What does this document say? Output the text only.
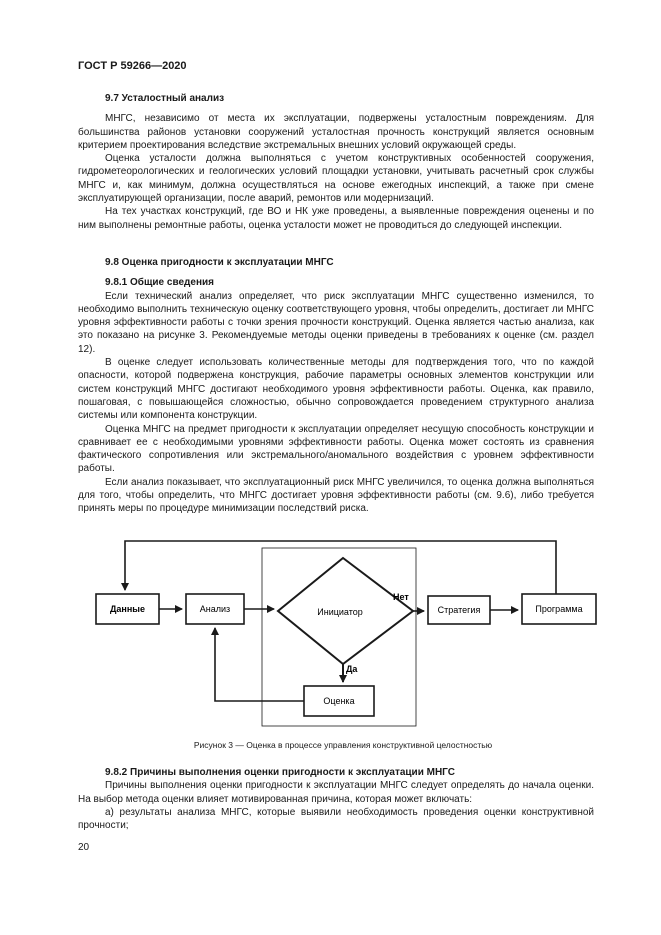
ГОСТ Р 59266—2020

9.7 Усталостный анализ

МНГС, независимо от места их эксплуатации, подвержены усталостным повреждениям. Для большинства районов установки сооружений усталостная прочность конструкций является основным критерием проектирования вследствие экстремальных внешних условий окружающей среды.

Оценка усталости должна выполняться с учетом конструктивных особенностей сооружения, гидрометеорологических и геологических условий площадки установки, учитывать расчетный срок службы МНГС и, как минимум, должна осуществляться на основе ежегодных инспекций, а также при смене эксплуатирующей организации, после аварий, ремонтов или модернизаций.

На тех участках конструкций, где ВО и НК уже проведены, а выявленные повреждения оценены и по ним выполнены ремонтные работы, оценка усталости может не проводиться до следующей инспекции.

9.8 Оценка пригодности к эксплуатации МНГС

9.8.1 Общие сведения

Если технический анализ определяет, что риск эксплуатации МНГС существенно изменился, то необходимо выполнить техническую оценку соответствующего уровня, чтобы определить, достигает ли МНГС уровня эффективности работы с точки зрения прочности конструкций. Оценка является частью анализа, как это показано на рисунке 3. Рекомендуемые методы оценки приведены в требованиях к оценке (см. раздел 12).

В оценке следует использовать количественные методы для подтверждения того, что по каждой опасности, которой подвержена конструкция, рабочие параметры основных элементов конструкции или систем конструкций МНГС достигают необходимого уровня эффективности работы. Оценка, как правило, пошаговая, с повышающейся сложностью, обычно сопровождается проведением структурного анализа системы или компонента конструкции.

Оценка МНГС на предмет пригодности к эксплуатации определяет несущую способность конструкции и сравнивает ее с необходимыми уровнями эффективности работы. Оценка может состоять из сравнения фактического сопротивления или экстремального/аномального воздействия с уровнем эффективности работы.

Если анализ показывает, что эксплуатационный риск МНГС увеличился, то оценка должна выполняться для того, чтобы определить, что МНГС достигает уровня эффективности работы (см. 9.6), либо требуется принять меры по процедуре минимизации последствий риска.

Данные	Анализ	Инициатор
Нет
Стратегия	Программа
Да
Оценка
Рисунок 3 — Оценка в процессе управления конструктивной целостностью

9.8.2 Причины выполнения оценки пригодности к эксплуатации МНГС

Причины выполнения оценки пригодности к эксплуатации МНГС следует определять до начала оценки. На выбор метода оценки влияет мотивированная причина, которая может включать:

а) результаты анализа МНГС, которые выявили необходимость проведения оценки конструктивной прочности;

20
